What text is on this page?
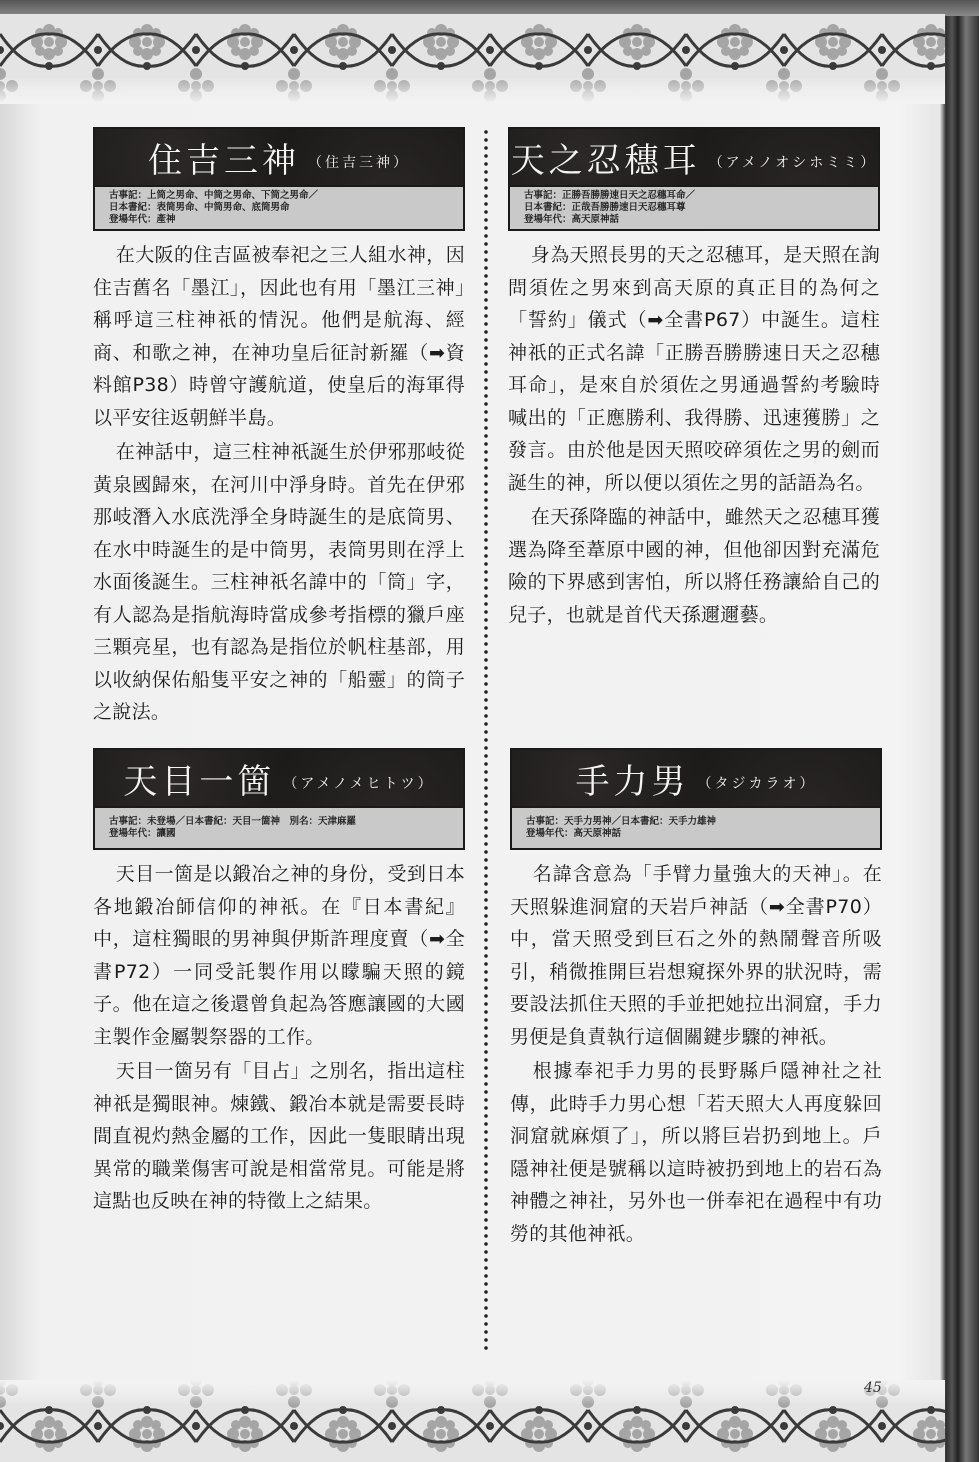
45
住吉三神 （住吉三神）
古事記：上筒之男命、中筒之男命、下筒之男命／
日本書紀：表筒男命、中筒男命、底筒男命
登場年代：產神

在大阪的住吉區被奉祀之三人組水神，因住吉舊名「墨江」，因此也有用「墨江三神」稱呼這三柱神祇的情況。他們是航海、經商、和歌之神，在神功皇后征討新羅（➡資料館P38）時曾守護航道，使皇后的海軍得以平安往返朝鮮半島。

在神話中，這三柱神祇誕生於伊邪那岐從黃泉國歸來，在河川中淨身時。首先在伊邪那岐潛入水底洗淨全身時誕生的是底筒男、在水中時誕生的是中筒男，表筒男則在浮上水面後誕生。三柱神祇名諱中的「筒」字，有人認為是指航海時當成參考指標的獵戶座三顆亮星，也有認為是指位於帆柱基部，用以收納保佑船隻平安之神的「船靈」的筒子之說法。

天之忍穗耳 （アメノオシホミミ）
古事記：正勝吾勝勝速日天之忍穗耳命／
日本書紀：正哉吾勝勝速日天忍穗耳尊
登場年代：高天原神話

身為天照長男的天之忍穗耳，是天照在詢問須佐之男來到高天原的真正目的為何之「誓約」儀式（➡全書P67）中誕生。這柱神祇的正式名諱「正勝吾勝勝速日天之忍穗耳命」，是來自於須佐之男通過誓約考驗時喊出的「正應勝利、我得勝、迅速獲勝」之發言。由於他是因天照咬碎須佐之男的劍而誕生的神，所以便以須佐之男的話語為名。

在天孫降臨的神話中，雖然天之忍穗耳獲選為降至葦原中國的神，但他卻因對充滿危險的下界感到害怕，所以將任務讓給自己的兒子，也就是首代天孫邇邇藝。

天目一箇 （アメノメヒトツ）
古事記：未登場／日本書紀：天目一箇神　別名：天津麻羅
登場年代：讓國

天目一箇是以鍛冶之神的身份，受到日本各地鍛冶師信仰的神祇。在『日本書紀』中，這柱獨眼的男神與伊斯許理度賣（➡全書P72）一同受託製作用以矇騙天照的鏡子。他在這之後還曾負起為答應讓國的大國主製作金屬製祭器的工作。

天目一箇另有「目占」之別名，指出這柱神祇是獨眼神。煉鐵、鍛冶本就是需要長時間直視灼熱金屬的工作，因此一隻眼睛出現異常的職業傷害可說是相當常見。可能是將這點也反映在神的特徵上之結果。

手力男 （タジカラオ）
古事記：天手力男神／日本書紀：天手力雄神
登場年代：高天原神話

名諱含意為「手臂力量強大的天神」。在天照躲進洞窟的天岩戶神話（➡全書P70）中，當天照受到巨石之外的熱鬧聲音所吸引，稍微推開巨岩想窺探外界的狀況時，需要設法抓住天照的手並把她拉出洞窟，手力男便是負責執行這個關鍵步驟的神祇。

根據奉祀手力男的長野縣戶隱神社之社傳，此時手力男心想「若天照大人再度躲回洞窟就麻煩了」，所以將巨岩扔到地上。戶隱神社便是號稱以這時被扔到地上的岩石為神體之神社，另外也一併奉祀在過程中有功勞的其他神祇。
